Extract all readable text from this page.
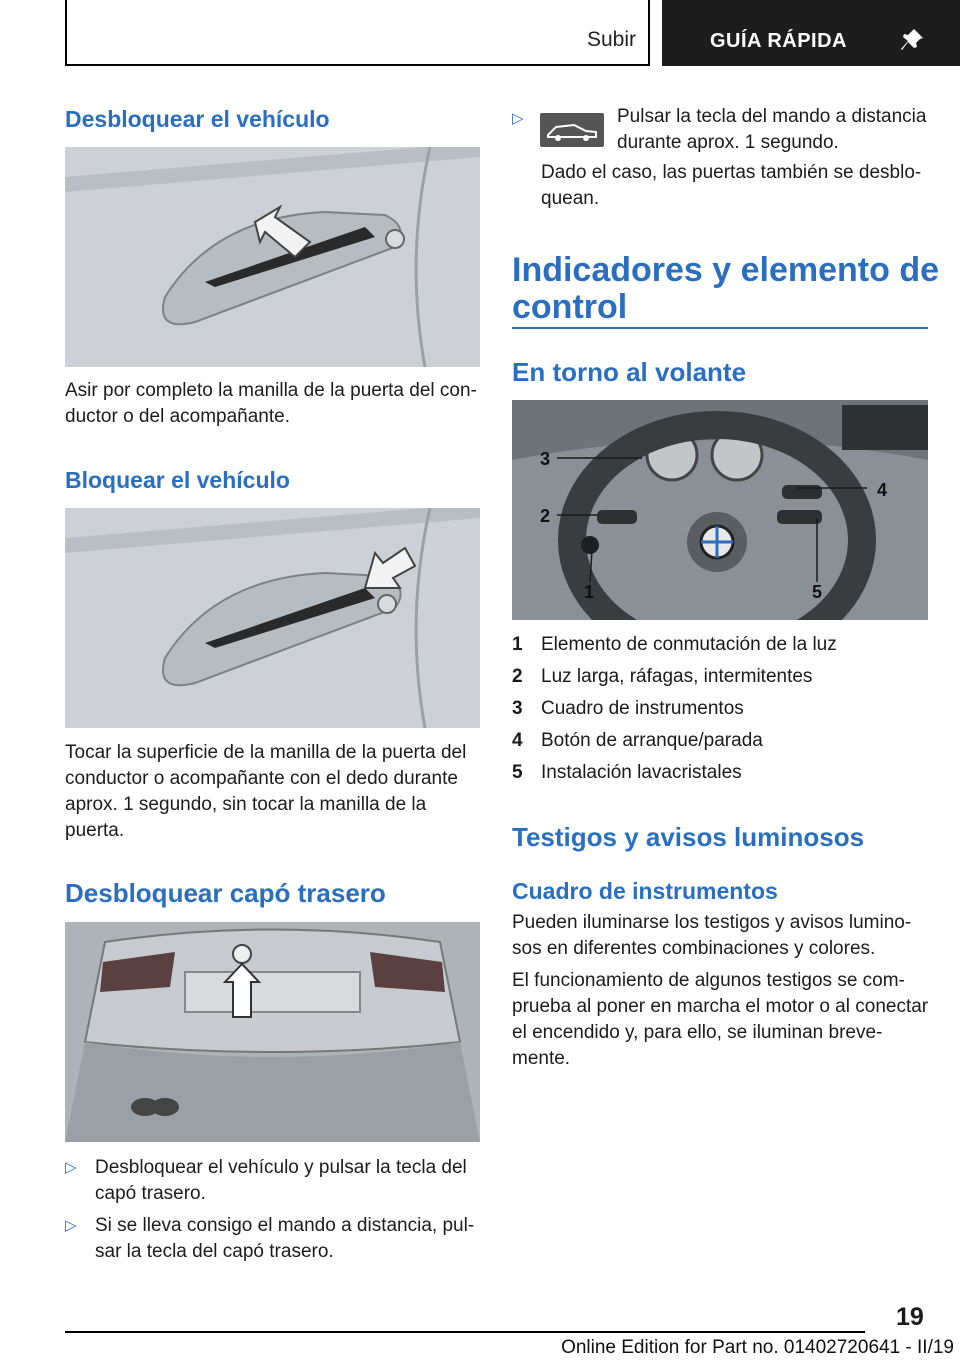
Subir	GUÍA RÁPIDA
Desbloquear el vehículo
Asir por completo la manilla de la puerta del con-
ductor o del acompañante.
Bloquear el vehículo
Tocar la superficie de la manilla de la puerta del
conductor o acompañante con el dedo durante
aprox. 1 segundo, sin tocar la manilla de la
puerta.
Desbloquear capó trasero
▷ Desbloquear el vehículo y pulsar la tecla del
capó trasero.
▷ Si se lleva consigo el mando a distancia, pul-
sar la tecla del capó trasero.
▷	Pulsar la tecla del mando a distancia
durante aprox. 1 segundo.
Dado el caso, las puertas también se desblo-
quean.
Indicadores y elemento de
control
En torno al volante
3
4
2
1	5
1 Elemento de conmutación de la luz
2 Luz larga, ráfagas, intermitentes
3 Cuadro de instrumentos
4 Botón de arranque/parada
5 Instalación lavacristales
Testigos y avisos luminosos
Cuadro de instrumentos
Pueden iluminarse los testigos y avisos lumino-
sos en diferentes combinaciones y colores.
El funcionamiento de algunos testigos se com-
prueba al poner en marcha el motor o al conectar
el encendido y, para ello, se iluminan breve-
mente.
19
Online Edition for Part no. 01402720641 - II/19
